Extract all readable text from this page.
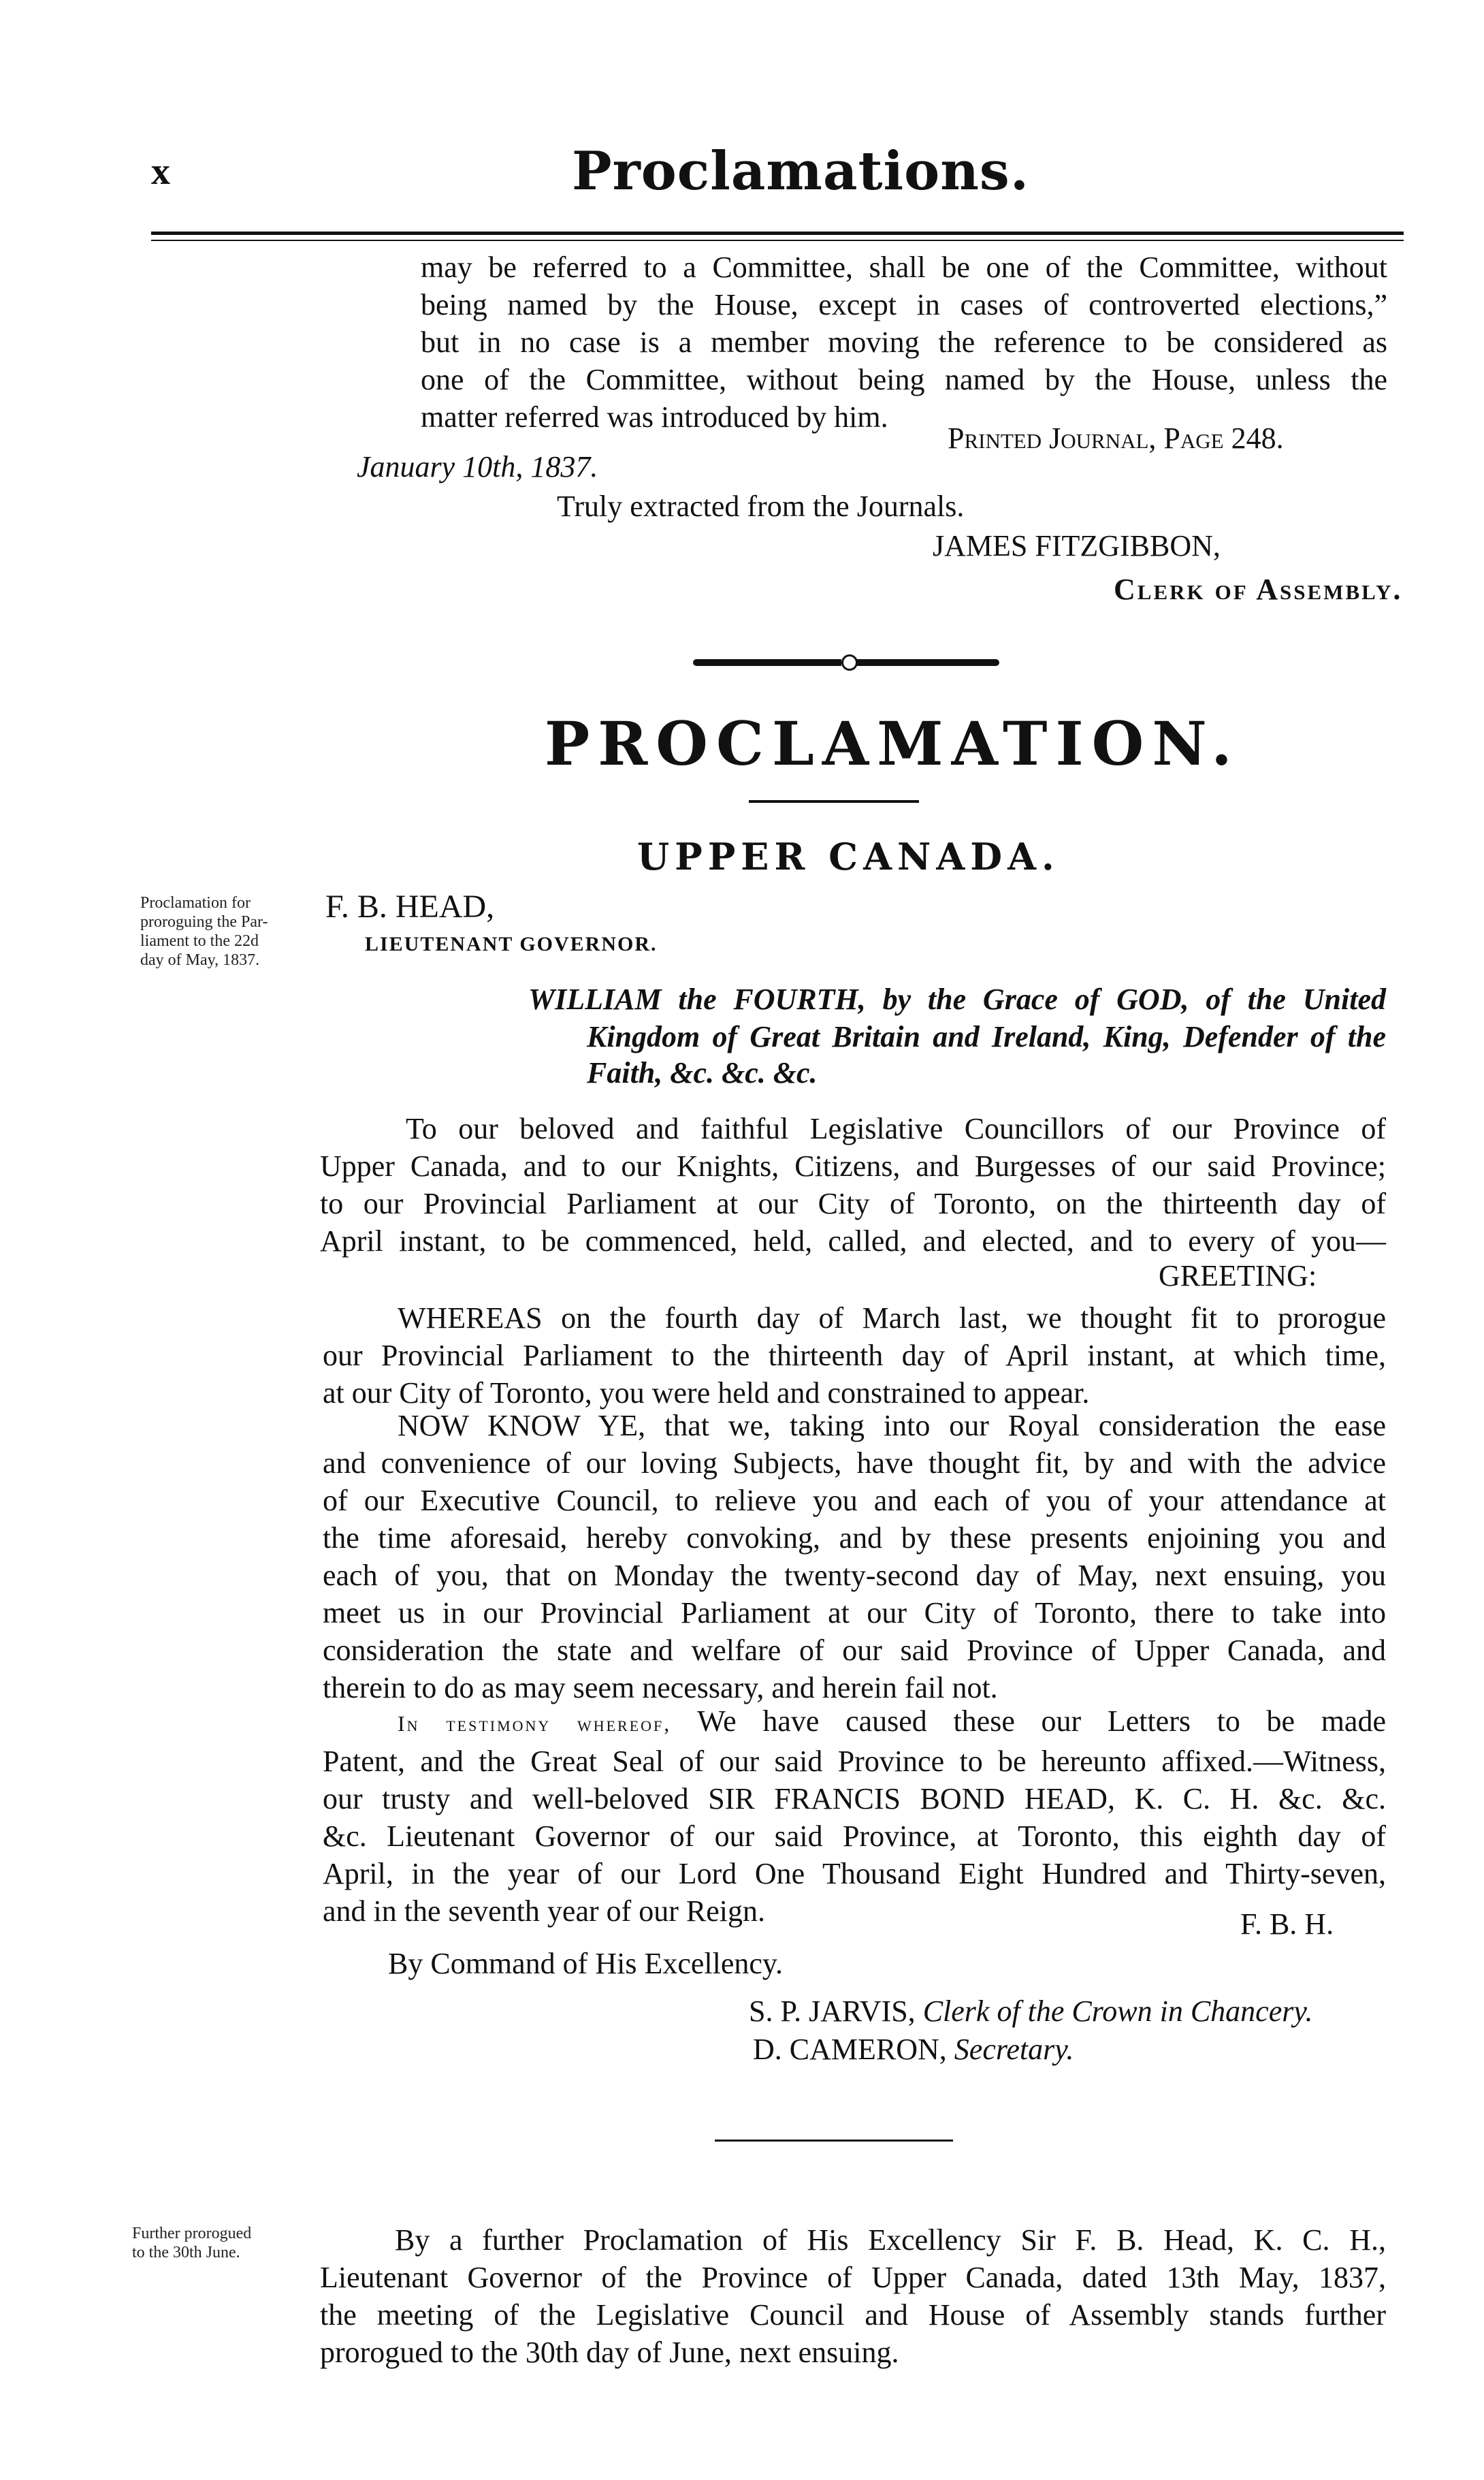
x	Proclamations.
may be referred to a Committee, shall be one of the Committee, without
being named by the House, except in cases of controverted elections,”
but in no case is a member moving the reference to be considered as
one of the Committee, without being named by the House, unless the
matter referred was introduced by him.
Printed Journal, Page 248.
January 10th, 1837.
Truly extracted from the Journals.
JAMES FITZGIBBON,
Clerk of Assembly.
PROCLAMATION.
UPPER CANADA.
Proclamation for
proroguing the Par-
liament to the 22d
day of May, 1837.
F. B. HEAD,
LIEUTENANT GOVERNOR.
WILLIAM the FOURTH, by the Grace of GOD, of the United
Kingdom of Great Britain and Ireland, King, Defender of the
Faith, &c. &c. &c.
To our beloved and faithful Legislative Councillors of our Province of
Upper Canada, and to our Knights, Citizens, and Burgesses of our said Province;
to our Provincial Parliament at our City of Toronto, on the thirteenth day of
April instant, to be commenced, held, called, and elected, and to every of you—
GREETING:
WHEREAS on the fourth day of March last, we thought fit to prorogue
our Provincial Parliament to the thirteenth day of April instant, at which time,
at our City of Toronto, you were held and constrained to appear.
NOW KNOW YE, that we, taking into our Royal consideration the ease
and convenience of our loving Subjects, have thought fit, by and with the advice
of our Executive Council, to relieve you and each of you of your attendance at
the time aforesaid, hereby convoking, and by these presents enjoining you and
each of you, that on Monday the twenty-second day of May, next ensuing, you
meet us in our Provincial Parliament at our City of Toronto, there to take into
consideration the state and welfare of our said Province of Upper Canada, and
therein to do as may seem necessary, and herein fail not.
In testimony whereof, We have caused these our Letters to be made
Patent, and the Great Seal of our said Province to be hereunto affixed.—Witness,
our trusty and well-beloved SIR FRANCIS BOND HEAD, K. C. H. &c. &c.
&c. Lieutenant Governor of our said Province, at Toronto, this eighth day of
April, in the year of our Lord One Thousand Eight Hundred and Thirty-seven,
and in the seventh year of our Reign.	F. B. H.
By Command of His Excellency.
S. P. JARVIS, Clerk of the Crown in Chancery.
D. CAMERON, Secretary.
Further prorogued
to the 30th June.	By a further Proclamation of His Excellency Sir F. B. Head, K. C. H.,
Lieutenant Governor of the Province of Upper Canada, dated 13th May, 1837,
the meeting of the Legislative Council and House of Assembly stands further
prorogued to the 30th day of June, next ensuing.
